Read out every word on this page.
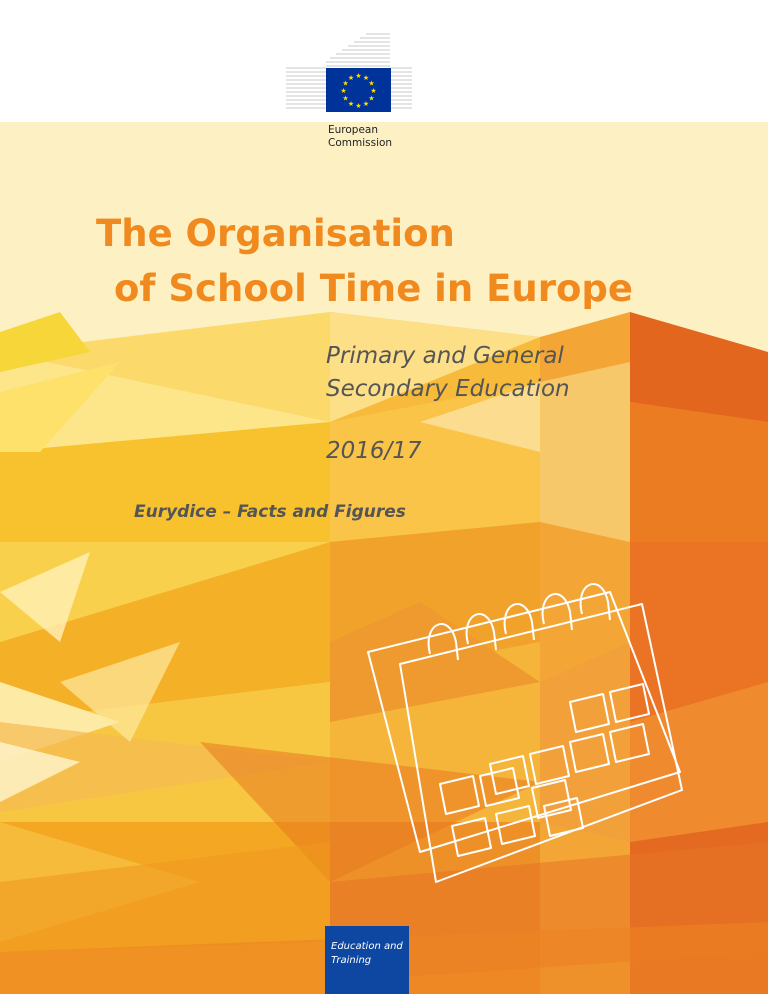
★ ★
★
★
★
★
★
★
★
★
★
★
European
Commission
The Organisation
of School Time in Europe
Primary and General
Secondary Education
2016/17
Eurydice – Facts and Figures
Education and
Training
